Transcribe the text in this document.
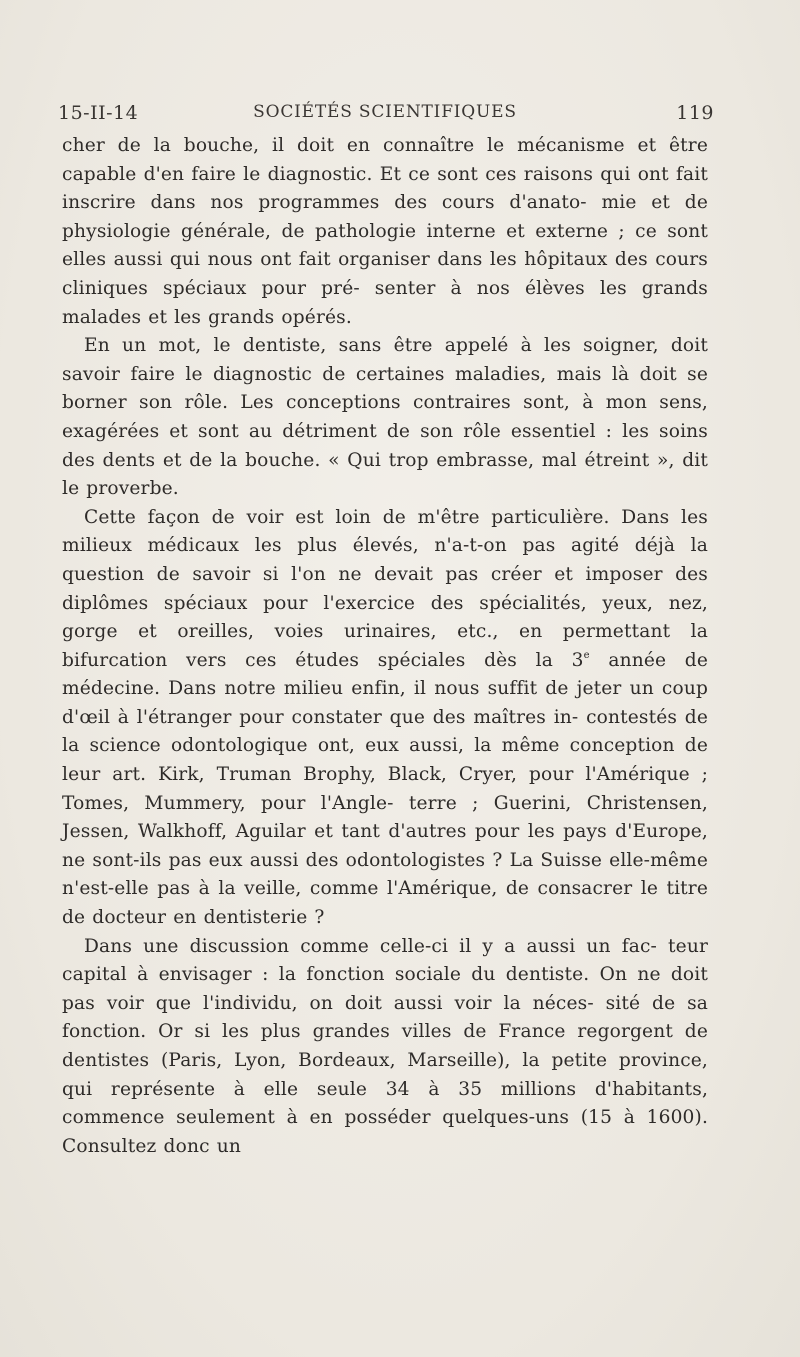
15-II-14	SOCIÉTÉS SCIENTIFIQUES	119

cher de la bouche, il doit en connaître le mécanisme et être capable d'en faire le diagnostic. Et ce sont ces raisons qui ont fait inscrire dans nos programmes des cours d'anato- mie et de physiologie générale, de pathologie interne et externe ; ce sont elles aussi qui nous ont fait organiser dans les hôpitaux des cours cliniques spéciaux pour pré- senter à nos élèves les grands malades et les grands opérés.

En un mot, le dentiste, sans être appelé à les soigner, doit savoir faire le diagnostic de certaines maladies, mais là doit se borner son rôle. Les conceptions contraires sont, à mon sens, exagérées et sont au détriment de son rôle essentiel : les soins des dents et de la bouche. « Qui trop embrasse, mal étreint », dit le proverbe.

Cette façon de voir est loin de m'être particulière. Dans les milieux médicaux les plus élevés, n'a-t-on pas agité déjà la question de savoir si l'on ne devait pas créer et imposer des diplômes spéciaux pour l'exercice des spécialités, yeux, nez, gorge et oreilles, voies urinaires, etc., en permettant la bifurcation vers ces études spéciales dès la 3e année de médecine. Dans notre milieu enfin, il nous suffit de jeter un coup d'œil à l'étranger pour constater que des maîtres in- contestés de la science odontologique ont, eux aussi, la même conception de leur art. Kirk, Truman Brophy, Black, Cryer, pour l'Amérique ; Tomes, Mummery, pour l'Angle- terre ; Guerini, Christensen, Jessen, Walkhoff, Aguilar et tant d'autres pour les pays d'Europe, ne sont-ils pas eux aussi des odontologistes ? La Suisse elle-même n'est-elle pas à la veille, comme l'Amérique, de consacrer le titre de docteur en dentisterie ?

Dans une discussion comme celle-ci il y a aussi un fac- teur capital à envisager : la fonction sociale du dentiste. On ne doit pas voir que l'individu, on doit aussi voir la néces- sité de sa fonction. Or si les plus grandes villes de France regorgent de dentistes (Paris, Lyon, Bordeaux, Marseille), la petite province, qui représente à elle seule 34 à 35 millions d'habitants, commence seulement à en posséder quelques-uns (15 à 1600). Consultez donc un
